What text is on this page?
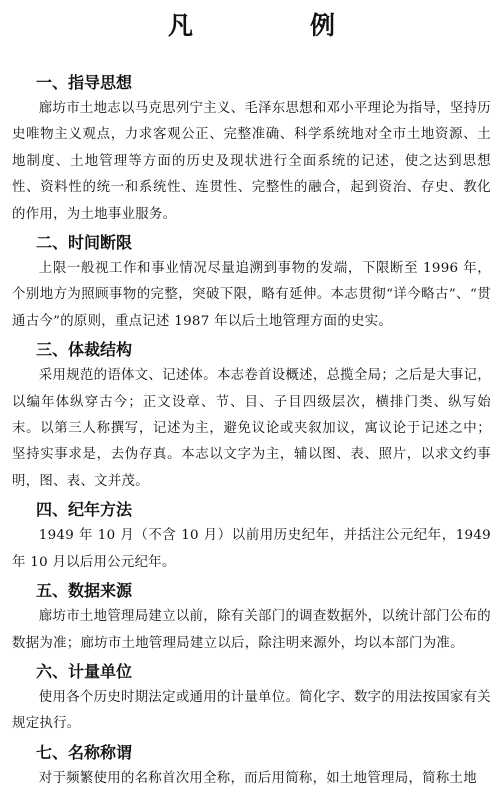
凡　例
一、指导思想

廊坊市土地志以马克思列宁主义、毛泽东思想和邓小平理论为指导，坚持历史唯物主义观点，力求客观公正、完整准确、科学系统地对全市土地资源、土地制度、土地管理等方面的历史及现状进行全面系统的记述，使之达到思想性、资料性的统一和系统性、连贯性、完整性的融合，起到资治、存史、教化的作用，为土地事业服务。

二、时间断限

上限一般视工作和事业情况尽量追溯到事物的发端，下限断至 1996 年，个别地方为照顾事物的完整，突破下限，略有延伸。本志贯彻“详今略古”、“贯通古今”的原则，重点记述 1987 年以后土地管理方面的史实。

三、体裁结构

采用规范的语体文、记述体。本志卷首设概述，总揽全局；之后是大事记，以编年体纵穿古今；正文设章、节、目、子目四级层次，横排门类、纵写始末。以第三人称撰写，记述为主，避免议论或夹叙加议，寓议论于记述之中；坚持实事求是，去伪存真。本志以文字为主，辅以图、表、照片，以求文约事明，图、表、文并茂。

四、纪年方法

1949 年 10 月（不含 10 月）以前用历史纪年，并括注公元纪年，1949 年 10 月以后用公元纪年。

五、数据来源

廊坊市土地管理局建立以前，除有关部门的调查数据外，以统计部门公布的数据为准；廊坊市土地管理局建立以后，除注明来源外，均以本部门为准。

六、计量单位

使用各个历史时期法定或通用的计量单位。简化字、数字的用法按国家有关规定执行。

七、名称称谓

对于频繁使用的名称首次用全称，而后用简称，如土地管理局，简称土地
